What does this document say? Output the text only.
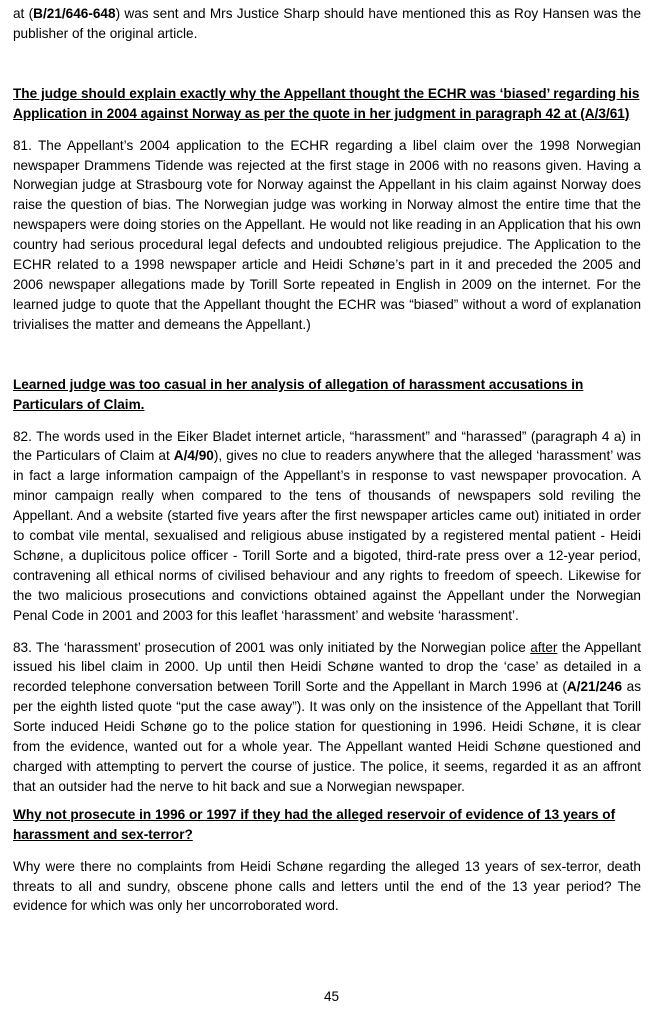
at (B/21/646-648) was sent and Mrs Justice Sharp should have mentioned this as Roy Hansen was the publisher of the original article.

The judge should explain exactly why the Appellant thought the ECHR was ‘biased’ regarding his Application in 2004 against Norway as per the quote in her judgment in paragraph 42 at (A/3/61)

81. The Appellant’s 2004 application to the ECHR regarding a libel claim over the 1998 Norwegian newspaper Drammens Tidende was rejected at the first stage in 2006 with no reasons given. Having a Norwegian judge at Strasbourg vote for Norway against the Appellant in his claim against Norway does raise the question of bias. The Norwegian judge was working in Norway almost the entire time that the newspapers were doing stories on the Appellant. He would not like reading in an Application that his own country had serious procedural legal defects and undoubted religious prejudice. The Application to the ECHR related to a 1998 newspaper article and Heidi Schøne’s part in it and preceded the 2005 and 2006 newspaper allegations made by Torill Sorte repeated in English in 2009 on the internet. For the learned judge to quote that the Appellant thought the ECHR was “biased” without a word of explanation trivialises the matter and demeans the Appellant.)

Learned judge was too casual in her analysis of allegation of harassment accusations in Particulars of Claim.

82. The words used in the Eiker Bladet internet article, “harassment” and “harassed” (paragraph 4 a) in the Particulars of Claim at A/4/90), gives no clue to readers anywhere that the alleged ‘harassment’ was in fact a large information campaign of the Appellant’s in response to vast newspaper provocation. A minor campaign really when compared to the tens of thousands of newspapers sold reviling the Appellant. And a website (started five years after the first newspaper articles came out) initiated in order to combat vile mental, sexualised and religious abuse instigated by a registered mental patient - Heidi Schøne, a duplicitous police officer - Torill Sorte and a bigoted, third-rate press over a 12-year period, contravening all ethical norms of civilised behaviour and any rights to freedom of speech. Likewise for the two malicious prosecutions and convictions obtained against the Appellant under the Norwegian Penal Code in 2001 and 2003 for this leaflet ‘harassment’ and website ‘harassment’.

83. The ‘harassment’ prosecution of 2001 was only initiated by the Norwegian police after the Appellant issued his libel claim in 2000. Up until then Heidi Schøne wanted to drop the ‘case’ as detailed in a recorded telephone conversation between Torill Sorte and the Appellant in March 1996 at (A/21/246 as per the eighth listed quote “put the case away”). It was only on the insistence of the Appellant that Torill Sorte induced Heidi Schøne go to the police station for questioning in 1996. Heidi Schøne, it is clear from the evidence, wanted out for a whole year. The Appellant wanted Heidi Schøne questioned and charged with attempting to pervert the course of justice. The police, it seems, regarded it as an affront that an outsider had the nerve to hit back and sue a Norwegian newspaper.

Why not prosecute in 1996 or 1997 if they had the alleged reservoir of evidence of 13 years of harassment and sex-terror?

Why were there no complaints from Heidi Schøne regarding the alleged 13 years of sex-terror, death threats to all and sundry, obscene phone calls and letters until the end of the 13 year period? The evidence for which was only her uncorroborated word.

45
